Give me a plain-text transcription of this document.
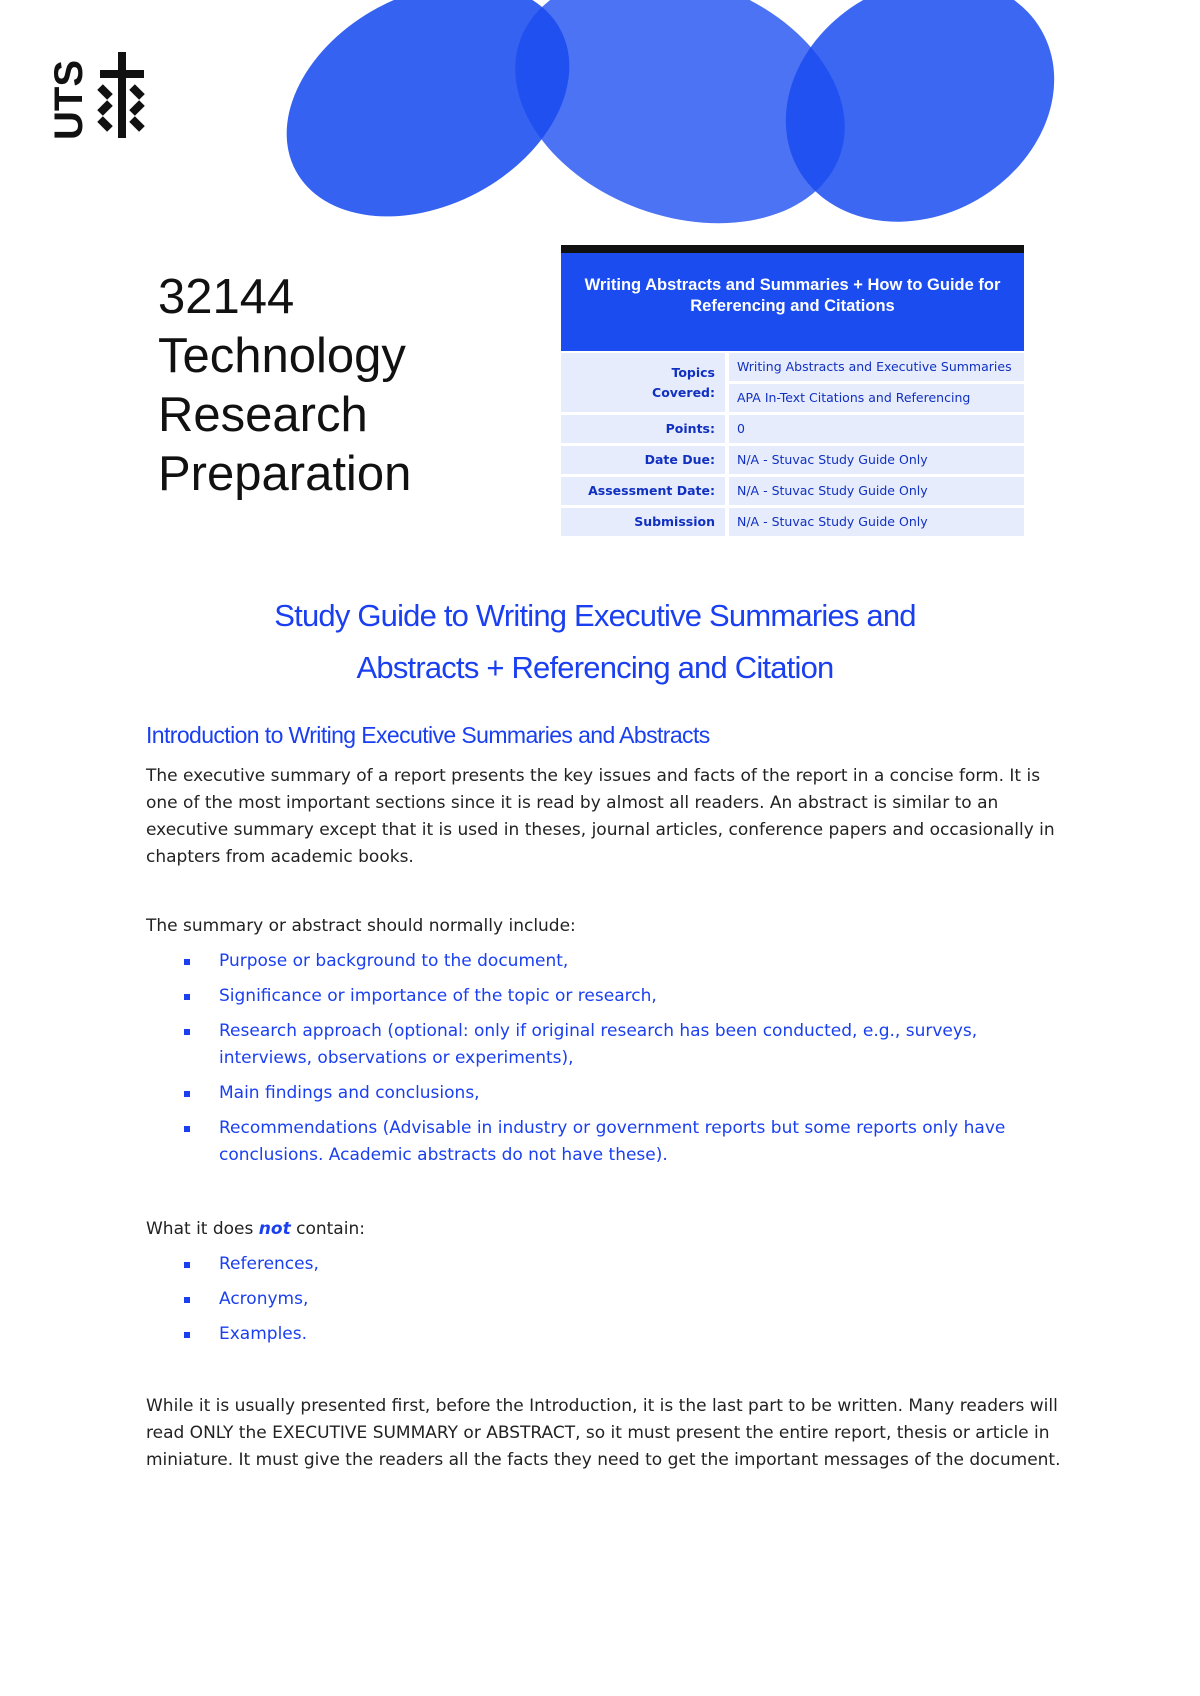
UTS
32144
Technology
Research
Preparation
Writing Abstracts and Summaries + How to Guide for Referencing and Citations
Topics
Covered:	Writing Abstracts and Executive Summaries
	APA In-Text Citations and Referencing
Points:	0
Date Due:	N/A - Stuvac Study Guide Only
Assessment Date:	N/A - Stuvac Study Guide Only
Submission	N/A - Stuvac Study Guide Only
Study Guide to Writing Executive Summaries and
Abstracts + Referencing and Citation
Introduction to Writing Executive Summaries and Abstracts

The executive summary of a report presents the key issues and facts of the report in a concise form. It is one of the most important sections since it is read by almost all readers. An abstract is similar to an executive summary except that it is used in theses, journal articles, conference papers and occasionally in chapters from academic books.

The summary or abstract should normally include:

Purpose or background to the document,
Significance or importance of the topic or research,
Research approach (optional: only if original research has been conducted, e.g., surveys, interviews, observations or experiments),
Main findings and conclusions,
Recommendations (Advisable in industry or government reports but some reports only have conclusions. Academic abstracts do not have these).

What it does not contain:

References,
Acronyms,
Examples.

While it is usually presented first, before the Introduction, it is the last part to be written. Many readers will read ONLY the EXECUTIVE SUMMARY or ABSTRACT, so it must present the entire report, thesis or article in miniature. It must give the readers all the facts they need to get the important messages of the document.
